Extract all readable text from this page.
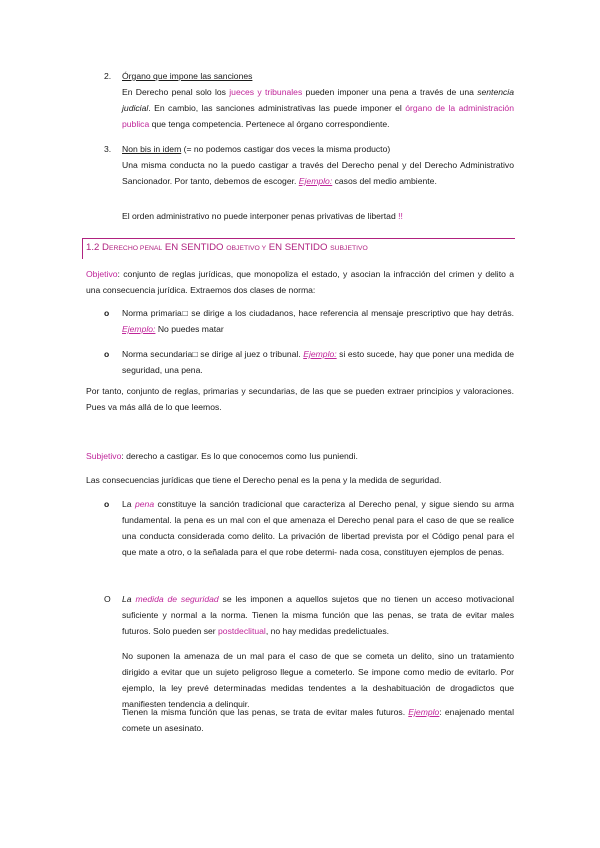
2. Órgano que impone las sanciones
En Derecho penal solo los jueces y tribunales pueden imponer una pena a través de una sentencia judicial. En cambio, las sanciones administrativas las puede imponer el órgano de la administración publica que tenga competencia. Pertenece al órgano correspondiente.
3. Non bis in idem (= no podemos castigar dos veces la misma producto)
Una misma conducta no la puedo castigar a través del Derecho penal y del Derecho Administrativo Sancionador. Por tanto, debemos de escoger. Ejemplo: casos del medio ambiente.
El orden administrativo no puede interponer penas privativas de libertad !!
1.2 DERECHO PENAL EN SENTIDO OBJETIVO Y EN SENTIDO SUBJETIVO
Objetivo: conjunto de reglas jurídicas, que monopoliza el estado, y asocian la infracción del crimen y delito a una consecuencia jurídica. Extraemos dos clases de norma:
o Norma primaria□ se dirige a los ciudadanos, hace referencia al mensaje prescriptivo que hay detrás. Ejemplo: No puedes matar
o Norma secundaria□ se dirige al juez o tribunal. Ejemplo: si esto sucede, hay que poner una medida de seguridad, una pena.
Por tanto, conjunto de reglas, primarias y secundarias, de las que se pueden extraer principios y valoraciones. Pues va más allá de lo que leemos.
Subjetivo: derecho a castigar. Es lo que conocemos como Ius puniendi.
Las consecuencias jurídicas que tiene el Derecho penal es la pena y la medida de seguridad.
o La pena constituye la sanción tradicional que caracteriza al Derecho penal, y sigue siendo su arma fundamental. la pena es un mal con el que amenaza el Derecho penal para el caso de que se realice una conducta considerada como delito. La privación de libertad prevista por el Código penal para el que mate a otro, o la señalada para el que robe determi- nada cosa, constituyen ejemplos de penas.
O La medida de seguridad se les imponen a aquellos sujetos que no tienen un acceso motivacional suficiente y normal a la norma. Tienen la misma función que las penas, se trata de evitar males futuros. Solo pueden ser postdeclitual, no hay medidas predelictuales.
No suponen la amenaza de un mal para el caso de que se cometa un delito, sino un tratamiento dirigido a evitar que un sujeto peligroso llegue a cometerlo. Se impone como medio de evitarlo. Por ejemplo, la ley prevé determinadas medidas tendentes a la deshabituación de drogadictos que manifiesten tendencia a delinquir.
Tienen la misma función que las penas, se trata de evitar males futuros. Ejemplo: enajenado mental comete un asesinato.
